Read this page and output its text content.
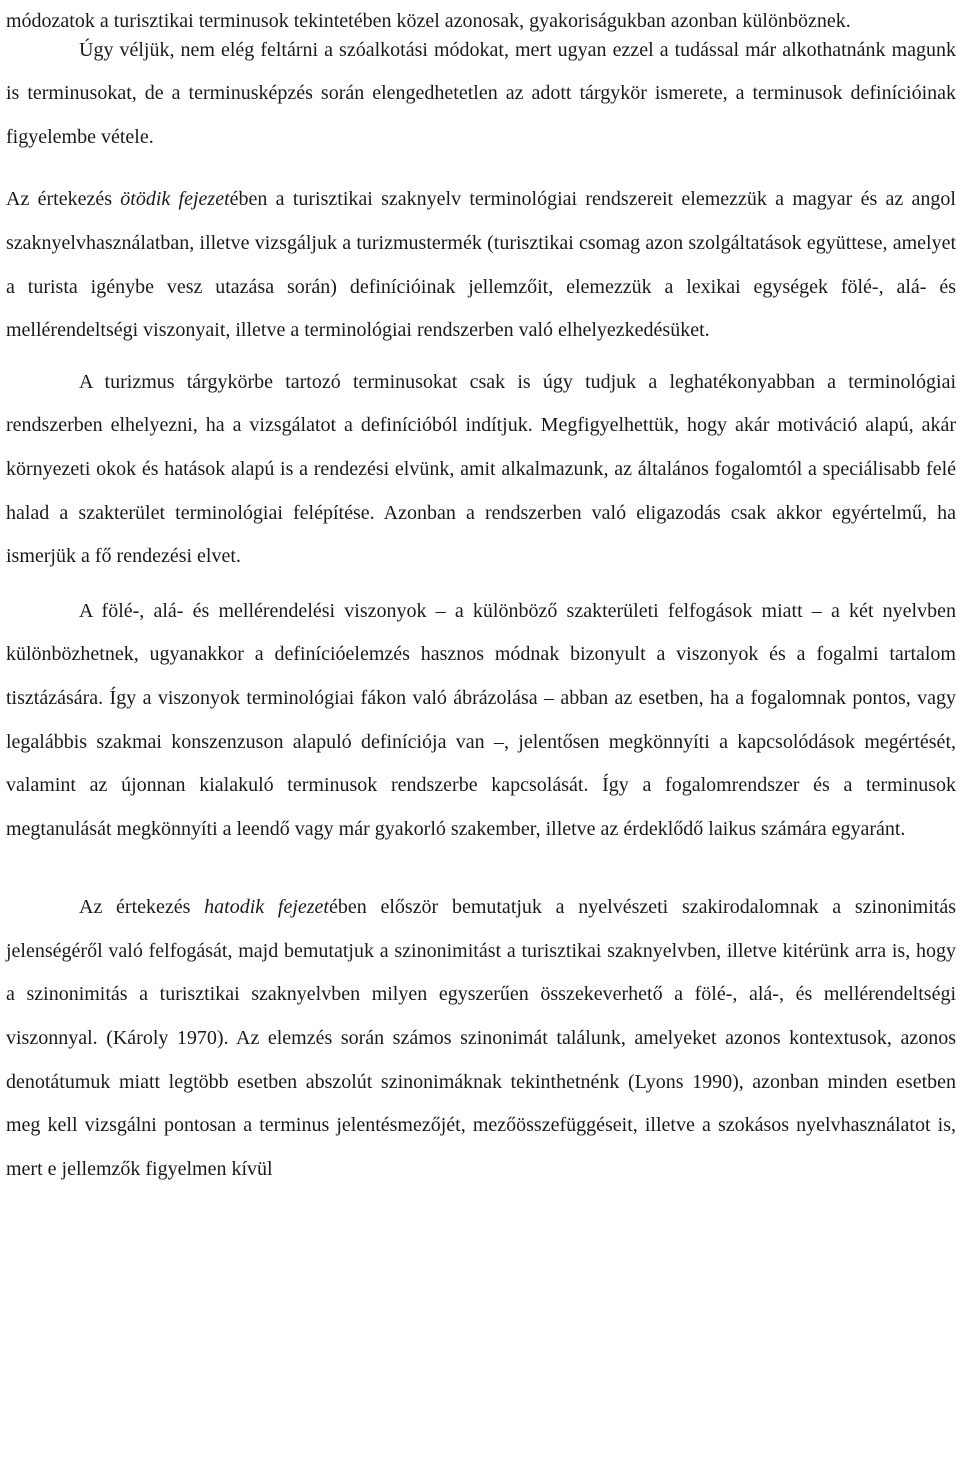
módozatok a turisztikai terminusok tekintetében közel azonosak, gyakoriságukban azonban különböznek.

Úgy véljük, nem elég feltárni a szóalkotási módokat, mert ugyan ezzel a tudással már alkothatnánk magunk is terminusokat, de a terminusképzés során elengedhetetlen az adott tárgykör ismerete, a terminusok definícióinak figyelembe vétele.

Az értekezés ötödik fejezetében a turisztikai szaknyelv terminológiai rendszereit elemezzük a magyar és az angol szaknyelvhasználatban, illetve vizsgáljuk a turizmustermék (turisztikai csomag azon szolgáltatások együttese, amelyet a turista igénybe vesz utazása során) definícióinak jellemzőit, elemezzük a lexikai egységek fölé-, alá- és mellérendeltségi viszonyait, illetve a terminológiai rendszerben való elhelyezkedésüket.

A turizmus tárgykörbe tartozó terminusokat csak is úgy tudjuk a leghatékonyabban a terminológiai rendszerben elhelyezni, ha a vizsgálatot a definícióból indítjuk. Megfigyelhettük, hogy akár motiváció alapú, akár környezeti okok és hatások alapú is a rendezési elvünk, amit alkalmazunk, az általános fogalomtól a speciálisabb felé halad a szakterület terminológiai felépítése. Azonban a rendszerben való eligazodás csak akkor egyértelmű, ha ismerjük a fő rendezési elvet.

A fölé-, alá- és mellérendelési viszonyok – a különböző szakterületi felfogások miatt – a két nyelvben különbözhetnek, ugyanakkor a definícióelemzés hasznos módnak bizonyult a viszonyok és a fogalmi tartalom tisztázására. Így a viszonyok terminológiai fákon való ábrázolása – abban az esetben, ha a fogalomnak pontos, vagy legalábbis szakmai konszenzuson alapuló definíciója van –, jelentősen megkönnyíti a kapcsolódások megértését, valamint az újonnan kialakuló terminusok rendszerbe kapcsolását. Így a fogalomrendszer és a terminusok megtanulását megkönnyíti a leendő vagy már gyakorló szakember, illetve az érdeklődő laikus számára egyaránt.

Az értekezés hatodik fejezetében először bemutatjuk a nyelvészeti szakirodalomnak a szinonimitás jelenségéről való felfogását, majd bemutatjuk a szinonimitást a turisztikai szaknyelvben, illetve kitérünk arra is, hogy a szinonimitás a turisztikai szaknyelvben milyen egyszerűen összekeverhető a fölé-, alá-, és mellérendeltségi viszonnyal. (Károly 1970). Az elemzés során számos szinonimát találunk, amelyeket azonos kontextusok, azonos denotátumuk miatt legtöbb esetben abszolút szinonimáknak tekinthetnénk (Lyons 1990), azonban minden esetben meg kell vizsgálni pontosan a terminus jelentésmezőjét, mezőösszefüggéseit, illetve a szokásos nyelvhasználatot is, mert e jellemzők figyelmen kívül
